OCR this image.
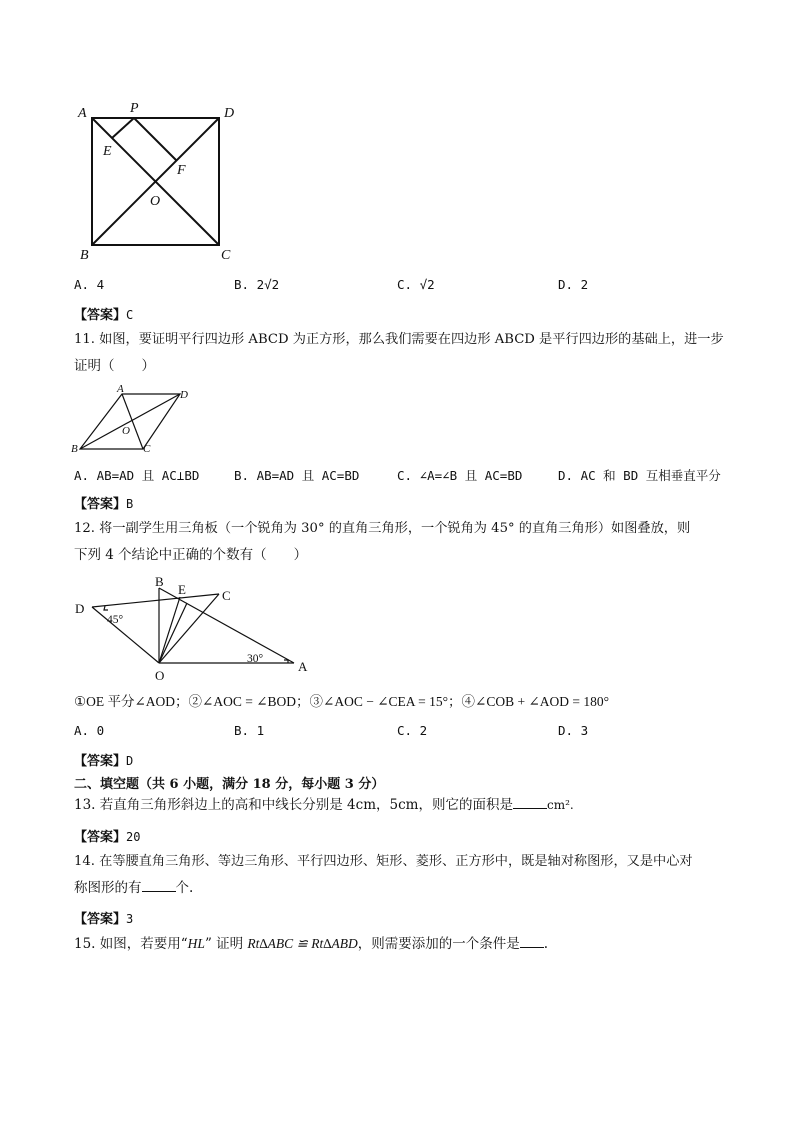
A	P	D
E
F
O
B	C
A. 4	B. 2√2	C. √2	D. 2
【答案】C
11. 如图，要证明平行四边形 ABCD 为正方形，那么我们需要在四边形 ABCD 是平行四边形的基础上，进一步
证明（　　）
A	D
O
B	C
A. AB=AD 且 AC⊥BD	B. AB=AD 且 AC=BD	C. ∠A=∠B 且 AC=BD	D. AC 和 BD 互相垂直平分
【答案】B
12. 将一副学生用三角板（一个锐角为 30° 的直角三角形，一个锐角为 45° 的直角三角形）如图叠放，则
下列 4 个结论中正确的个数有（　　）
B
E	C
D
45°
30°
O
A
①OE 平分∠AOD；②∠AOC = ∠BOD；③∠AOC − ∠CEA = 15°；④∠COB + ∠AOD = 180°
A. 0	B. 1	C. 2	D. 3
【答案】D
二、填空题（共 6 小题，满分 18 分，每小题 3 分）
13. 若直角三角形斜边上的高和中线长分别是 4cm，5cm，则它的面积是	cm².
【答案】20
14. 在等腰直角三角形、等边三角形、平行四边形、矩形、菱形、正方形中，既是轴对称图形，又是中心对
称图形的有	个.
【答案】3
15. 如图，若要用“HL” 证明 Rt∆ABC ≌ Rt∆ABD，则需要添加的一个条件是 .
